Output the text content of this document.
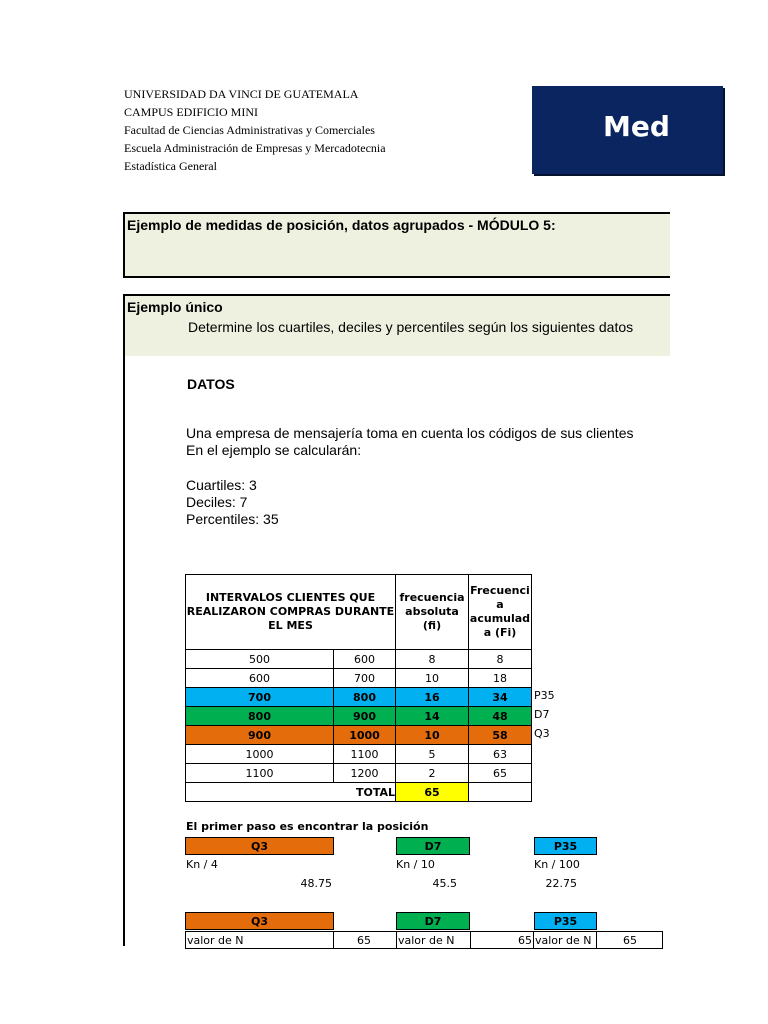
UNIVERSIDAD DA VINCI DE GUATEMALA
CAMPUS EDIFICIO MINI
Facultad de Ciencias Administrativas y Comerciales
Escuela Administración de Empresas y Mercadotecnia
Estadística General
Med
Ejemplo de medidas de posición, datos agrupados - MÓDULO 5:
Ejemplo único
Determine los cuartiles, deciles y percentiles según los siguientes datos
DATOS
Una empresa de mensajería toma en cuenta los códigos de sus clientes
En el ejemplo se calcularán:
Cuartiles: 3
Deciles: 7
Percentiles: 35
INTERVALOS CLIENTES QUE REALIZARON COMPRAS DURANTE EL MES		frecuencia absoluta (fi)	Frecuenci a acumulad a (Fi)
500	600	8	8
600	700	10	18
700	800	16	34
800	900	14	48
900	1000	10	58
1000	1100	5	63
1100	1200	2	65
TOTAL		65	
P35
D7
Q3
El primer paso es encontrar la posición
Q3	D7	P35
Kn / 4	Kn / 10	Kn / 100
48.75	45.5	22.75
Q3	D7	P35
valor de N	65	valor de N	65 valor de N	65
